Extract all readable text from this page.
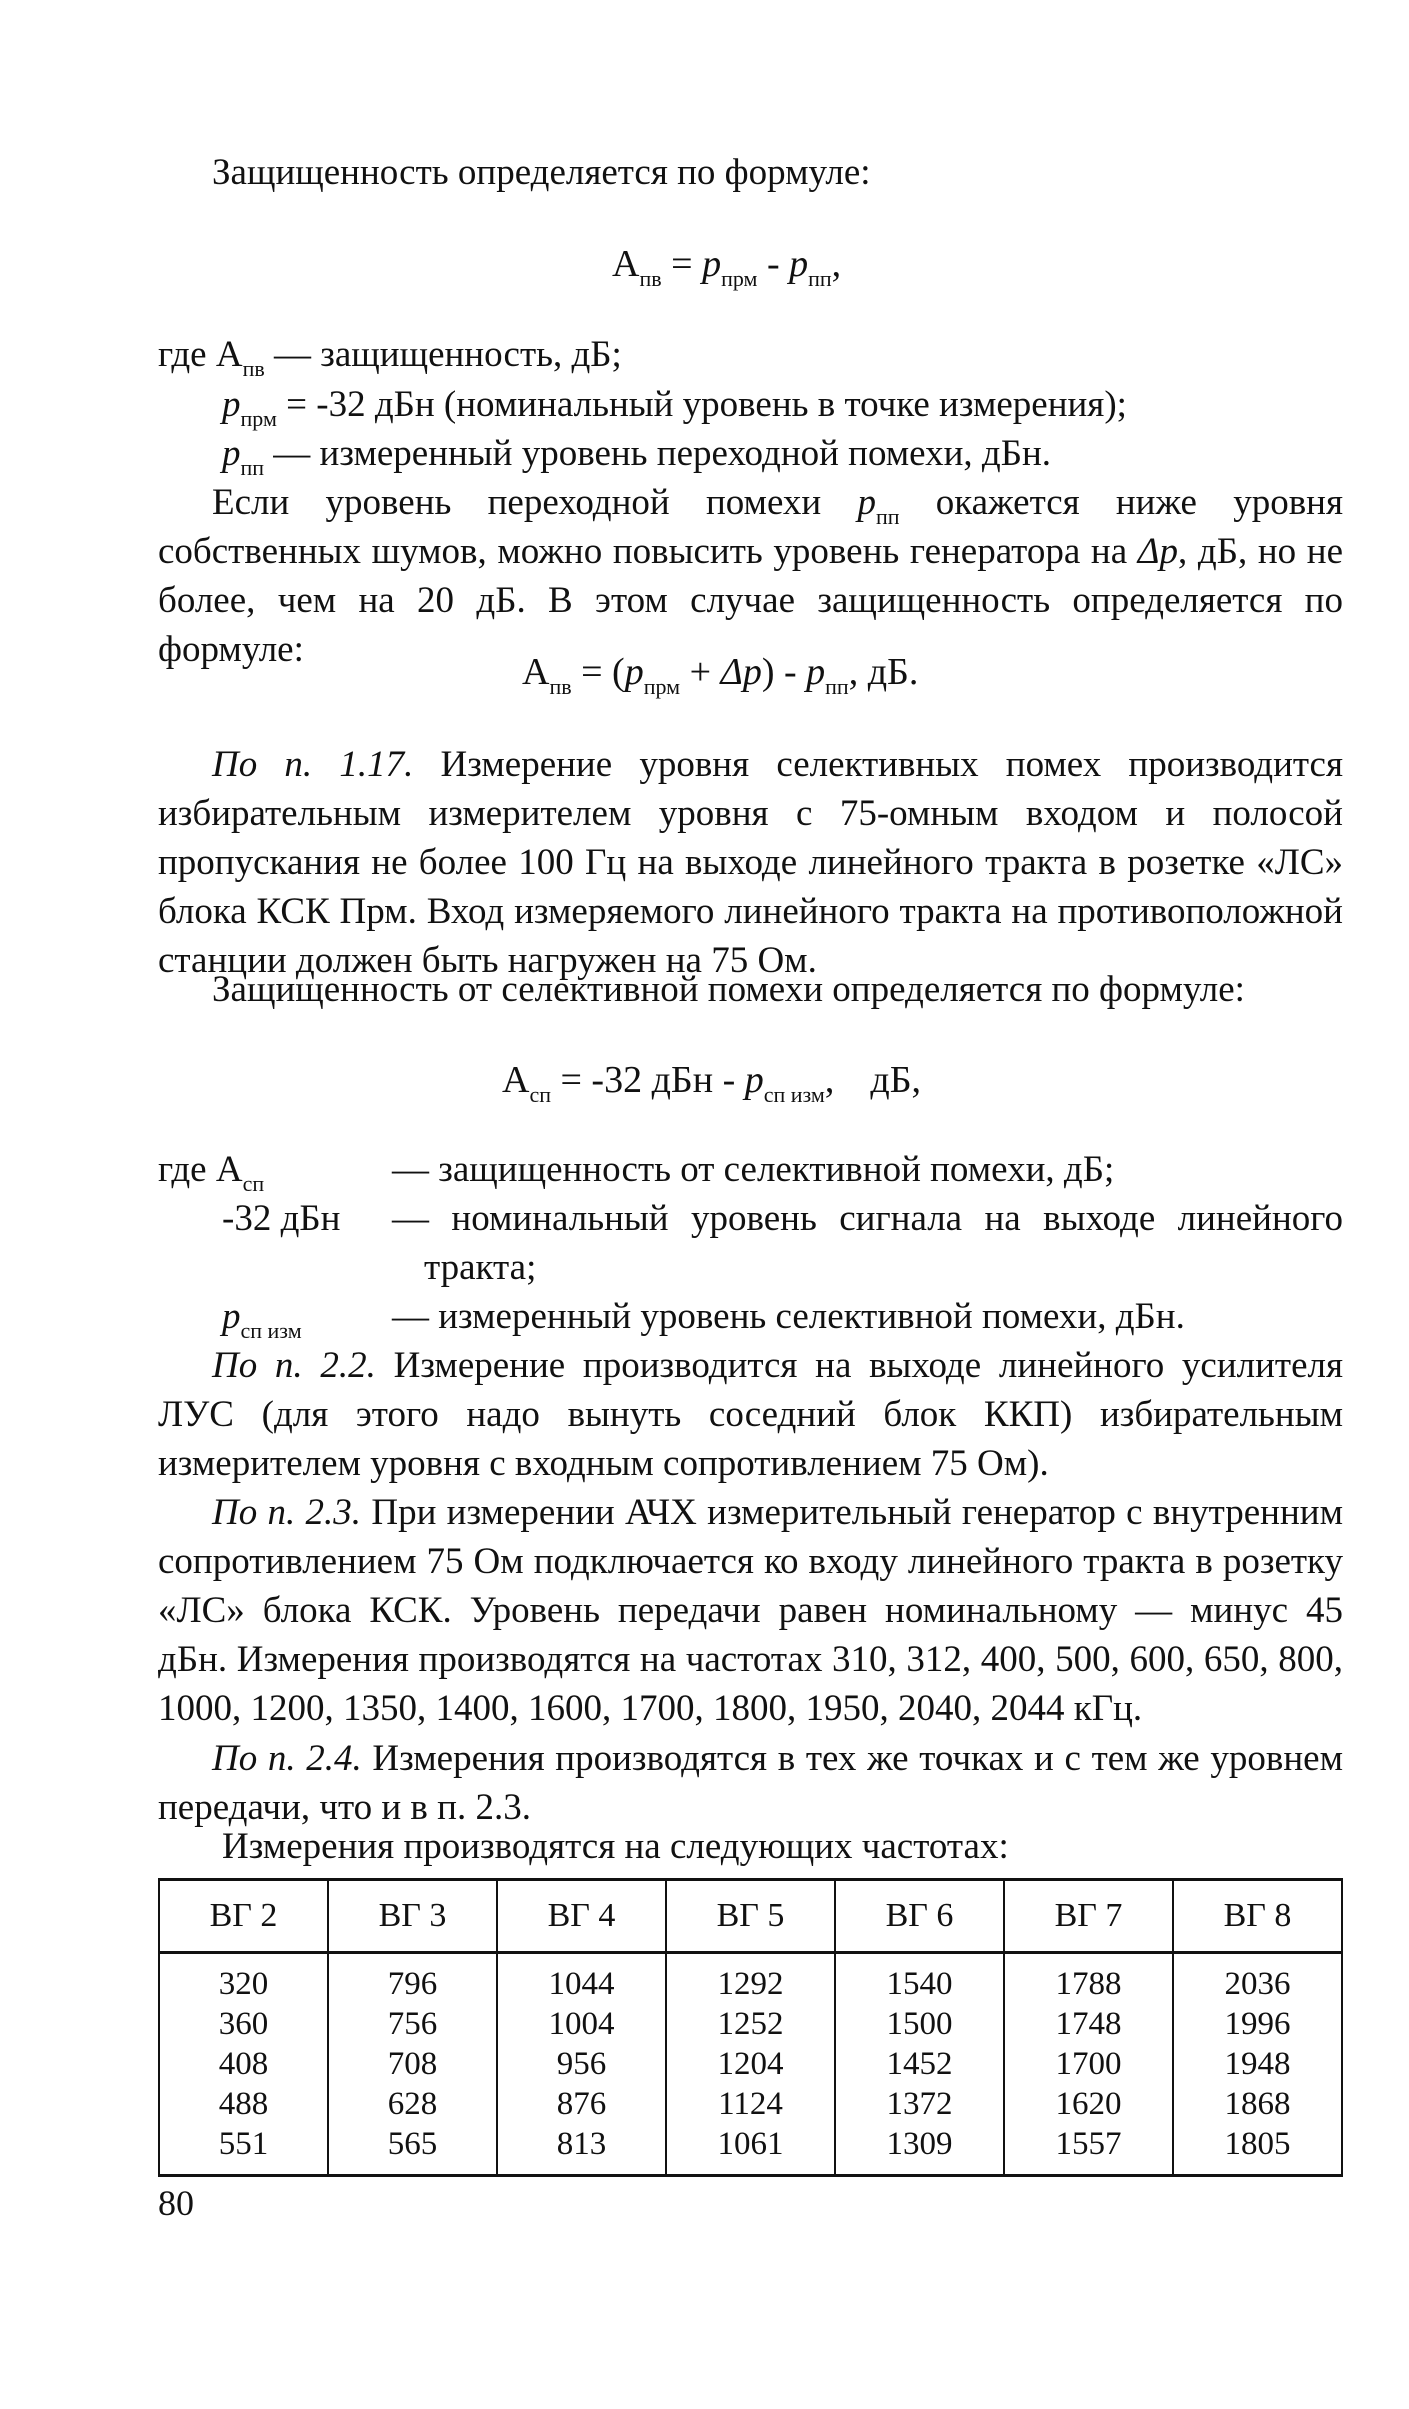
Защищенность определяется по формуле:

$А_{пв} = p_{прм} - p_{пп}$,
где $А_{пв}$ — защищенность, дБ;
$p_{прм} = -32$ дБн (номинальный уровень в точке измерения);
$p_{пп}$ — измеренный уровень переходной помехи, дБн.

Если уровень переходной помехи $p_{пп}$ окажется ниже уровня собственных шумов, можно повысить уровень генератора на Δp, дБ, но не более, чем на 20 дБ. В этом случае защищенность определяется по формуле:

$А_{пв} = (p_{прм} + \Delta p) - p_{пп}$, дБ.

По п. 1.17. Измерение уровня селективных помех производится избирательным измерителем уровня с 75-омным входом и полосой пропускания не более 100 Гц на выходе линейного тракта в розетке «ЛС» блока КСК Прм. Вход измеряемого линейного тракта на противоположной станции должен быть нагружен на 75 Ом.

Защищенность от селективной помехи определяется по формуле:

$А_{сп} = -32$ дБн - $p_{сп изм}$, дБ,
где $А_{сп}$	— защищенность от селективной помехи, дБ;
-32 дБн — номинальный уровень сигнала на выходе линейного тракта;

$p_{сп изм}$ — измеренный уровень селективной помехи, дБн.

По п. 2.2. Измерение производится на выходе линейного усилителя ЛУС (для этого надо вынуть соседний блок ККП) избирательным измерителем уровня с входным сопротивлением 75 Ом).

По п. 2.3. При измерении АЧХ измерительный генератор с внутренним сопротивлением 75 Ом подключается ко входу линейного тракта в розетку «ЛС» блока КСК. Уровень передачи равен номинальному — минус 45 дБн. Измерения производятся на частотах 310, 312, 400, 500, 600, 650, 800, 1000, 1200, 1350, 1400, 1600, 1700, 1800, 1950, 2040, 2044 кГц.

По п. 2.4. Измерения производятся в тех же точках и с тем же уровнем передачи, что и в п. 2.3.

Измерения производятся на следующих частотах:

ВГ 2	ВГ 3	ВГ 4	ВГ 5	ВГ 6	ВГ 7	ВГ 8
320	796	1044	1292	1540	1788	2036
360	756	1004	1252	1500	1748	1996
408	708	956	1204	1452	1700	1948
488	628	876	1124	1372	1620	1868
551	565	813	1061	1309	1557	1805
80
